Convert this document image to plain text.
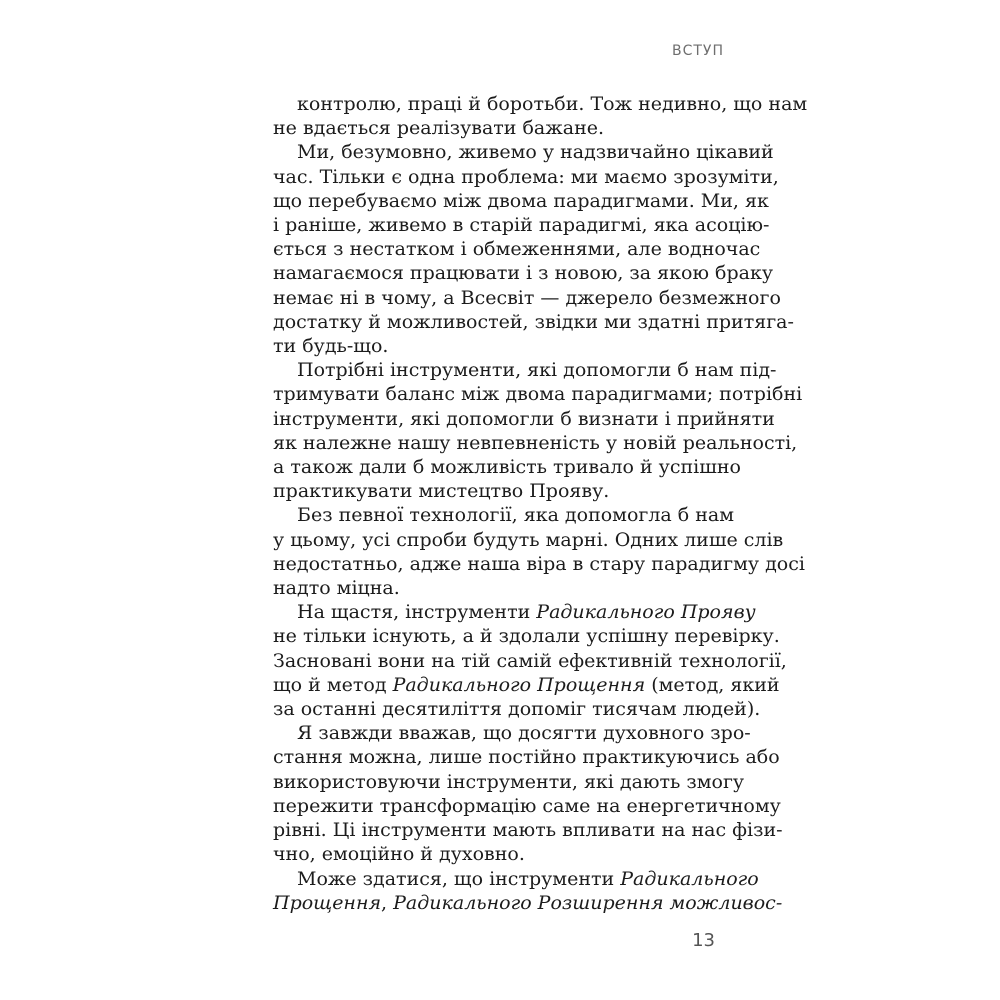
ВСТУП
контролю, праці й боротьби. Тож недивно, що нам
не вдається реалізувати бажане.
Ми, безумовно, живемо у надзвичайно цікавий
час. Тільки є одна проблема: ми маємо зрозуміти,
що перебуваємо між двома парадигмами. Ми, як
і раніше, живемо в старій парадигмі, яка асоцію-
ється з нестатком і обмеженнями, але водночас
намагаємося працювати і з новою, за якою браку
немає ні в чому, а Всесвіт — джерело безмежного
достатку й можливостей, звідки ми здатні притяга-
ти будь-що.
Потрібні інструменти, які допомогли б нам під-
тримувати баланс між двома парадигмами; потрібні
інструменти, які допомогли б визнати і прийняти
як належне нашу невпевненість у новій реальності,
а також дали б можливість тривало й успішно
практикувати мистецтво Прояву.
Без певної технології, яка допомогла б нам
у цьому, усі спроби будуть марні. Одних лише слів
недостатньо, адже наша віра в стару парадигму досі
надто міцна.
На щастя, інструменти Радикального Прояву
не тільки існують, а й здолали успішну перевірку.
Засновані вони на тій самій ефективній технології,
що й метод Радикального Прощення (метод, який
за останні десятиліття допоміг тисячам людей).
Я завжди вважав, що досягти духовного зро-
стання можна, лише постійно практикуючись або
використовуючи інструменти, які дають змогу
пережити трансформацію саме на енергетичному
рівні. Ці інструменти мають впливати на нас фізи-
чно, емоційно й духовно.
Може здатися, що інструменти Радикального
Прощення, Радикального Розширення можливос-
13
